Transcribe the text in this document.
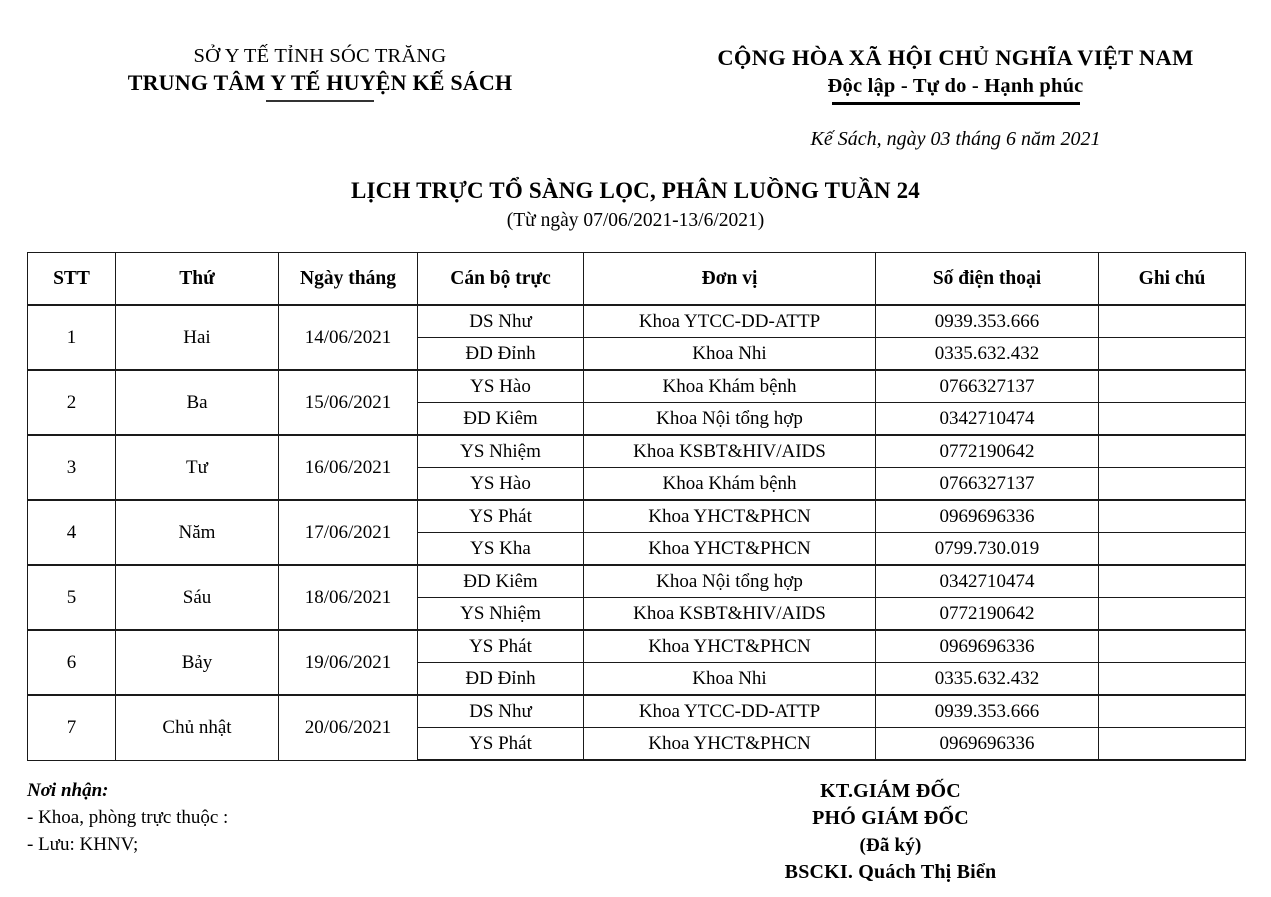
SỞ Y TẾ TỈNH SÓC TRĂNG
TRUNG TÂM Y TẾ HUYỆN KẾ SÁCH
CỘNG HÒA XÃ HỘI CHỦ NGHĨA VIỆT NAM
Độc lập - Tự do - Hạnh phúc
Kế Sách, ngày 03 tháng 6 năm 2021
LỊCH TRỰC TỔ SÀNG LỌC, PHÂN LUỒNG TUẦN 24
(Từ ngày 07/06/2021-13/6/2021)
STT	Thứ	Ngày tháng	Cán bộ trực	Đơn vị	Số điện thoại	Ghi chú
1	Hai	14/06/2021	DS Như	Khoa YTCC-DD-ATTP	0939.353.666	
			ĐD Đỉnh	Khoa Nhi	0335.632.432	
2	Ba	15/06/2021	YS Hào	Khoa Khám bệnh	0766327137	
			ĐD Kiêm	Khoa Nội tổng hợp	0342710474	
3	Tư	16/06/2021	YS Nhiệm	Khoa KSBT&HIV/AIDS	0772190642	
			YS Hào	Khoa Khám bệnh	0766327137	
4	Năm	17/06/2021	YS Phát	Khoa YHCT&PHCN	0969696336	
			YS Kha	Khoa YHCT&PHCN	0799.730.019	
5	Sáu	18/06/2021	ĐD Kiêm	Khoa Nội tổng hợp	0342710474	
			YS Nhiệm	Khoa KSBT&HIV/AIDS	0772190642	
6	Bảy	19/06/2021	YS Phát	Khoa YHCT&PHCN	0969696336	
			ĐD Đỉnh	Khoa Nhi	0335.632.432	
7	Chủ nhật	20/06/2021	DS Như	Khoa YTCC-DD-ATTP	0939.353.666	
			YS Phát	Khoa YHCT&PHCN	0969696336	
Nơi nhận:
- Khoa, phòng trực thuộc :
- Lưu: KHNV;
KT.GIÁM ĐỐC
PHÓ GIÁM ĐỐC
(Đã ký)
BSCKI. Quách Thị Biển
